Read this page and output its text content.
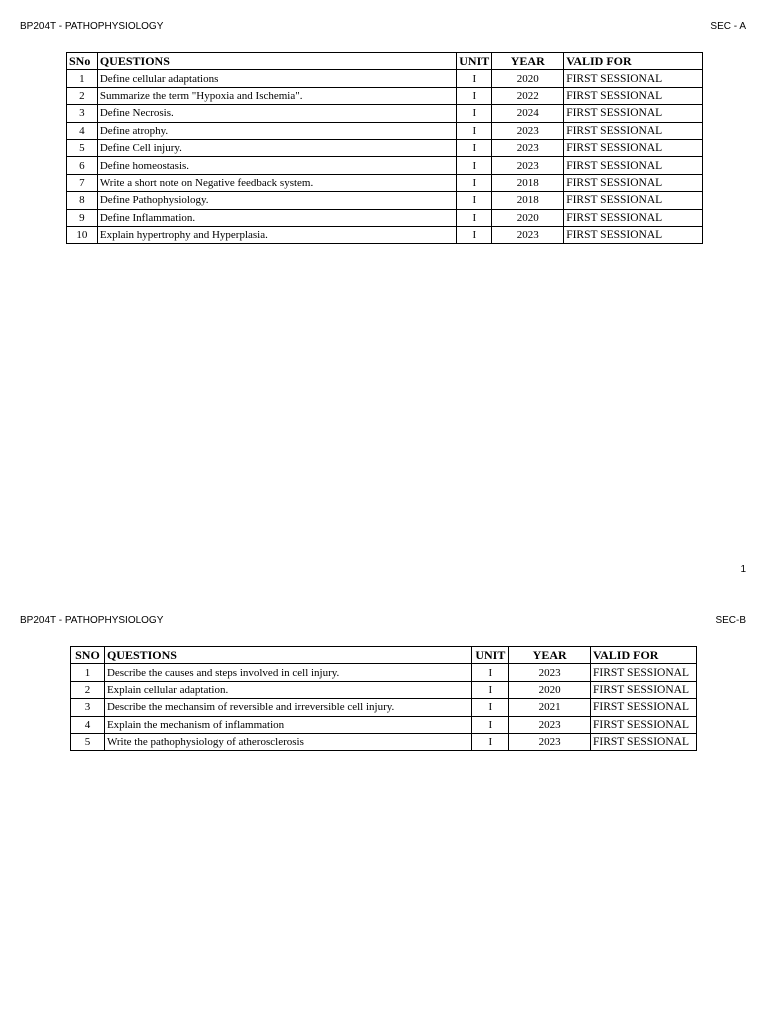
BP204T - PATHOPHYSIOLOGY	SEC - A
SNo	QUESTIONS	UNIT	YEAR	VALID FOR
1	Define cellular adaptations	I	2020	FIRST SESSIONAL
2	Summarize the term "Hypoxia and Ischemia".	I	2022	FIRST SESSIONAL
3	Define Necrosis.	I	2024	FIRST SESSIONAL
4	Define atrophy.	I	2023	FIRST SESSIONAL
5	Define Cell injury.	I	2023	FIRST SESSIONAL
6	Define homeostasis.	I	2023	FIRST SESSIONAL
7	Write a short note on Negative feedback system.	I	2018	FIRST SESSIONAL
8	Define Pathophysiology.	I	2018	FIRST SESSIONAL
9	Define Inflammation.	I	2020	FIRST SESSIONAL
10	Explain hypertrophy and Hyperplasia.	I	2023	FIRST SESSIONAL
1
BP204T - PATHOPHYSIOLOGY	SEC-B
SNO	QUESTIONS	UNIT	YEAR	VALID FOR
1	Describe the causes and steps involved in cell injury.	I	2023	FIRST SESSIONAL
2	Explain cellular adaptation.	I	2020	FIRST SESSIONAL
3	Describe the mechansim of reversible and irreversible cell injury.	I	2021	FIRST SESSIONAL
4	Explain the mechanism of inflammation	I	2023	FIRST SESSIONAL
5	Write the pathophysiology of atherosclerosis	I	2023	FIRST SESSIONAL
